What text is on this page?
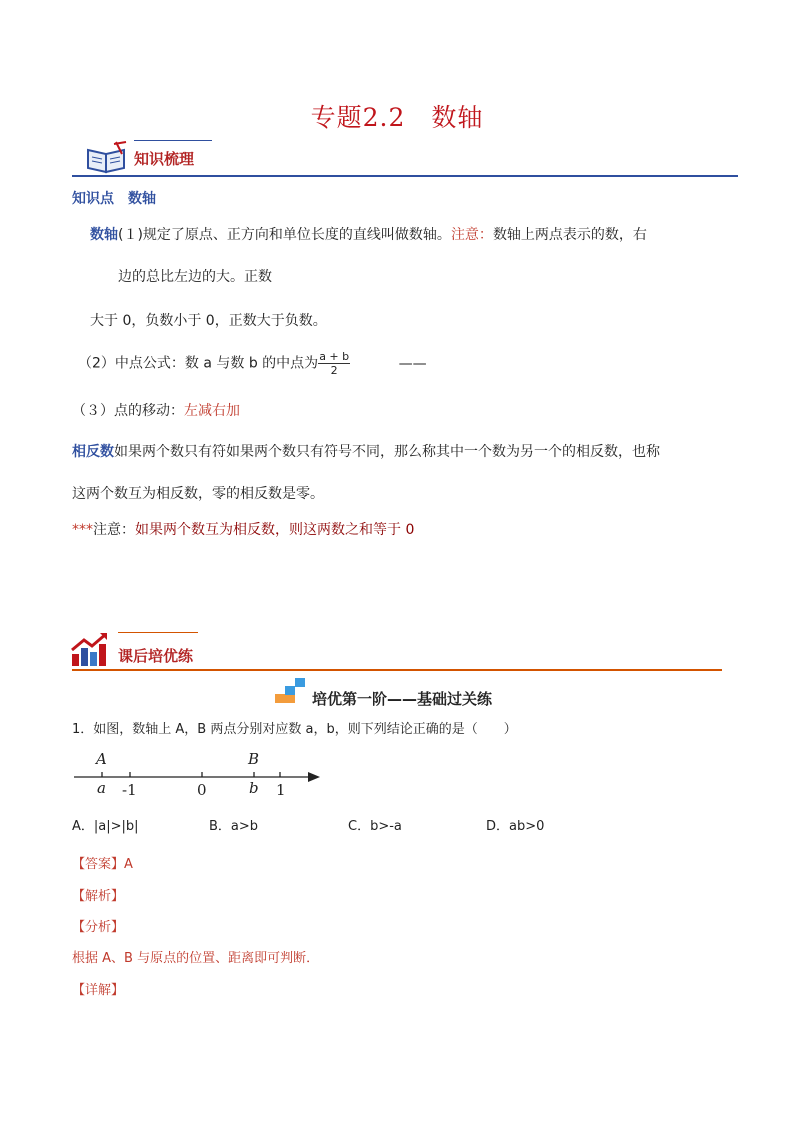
专题2.2　数轴
知识梳理
知识点　数轴
数轴(１)规定了原点、正方向和单位长度的直线叫做数轴。注意：数轴上两点表示的数，右
边的总比左边的大。正数
大于 0，负数小于 0，正数大于负数。
（2）中点公式：数 a 与数 b 的中点为 $\frac{a + b}{2}$	——
（３）点的移动：左减右加
相反数如果两个数只有符如果两个数只有符号不同，那么称其中一个数为另一个的相反数，也称
这两个数互为相反数，零的相反数是零。
***注意：如果两个数互为相反数，则这两数之和等于 0
课后培优练
培优第一阶——基础过关练
1．如图，数轴上 A，B 两点分别对应数 a，b，则下列结论正确的是（　　）
A	B
a -1	0	b 1
A．|a|>|b|	B．a>b	C．b>-a	D．ab>0
【答案】A
【解析】
【分析】
根据 A、B 与原点的位置、距离即可判断．
【详解】
